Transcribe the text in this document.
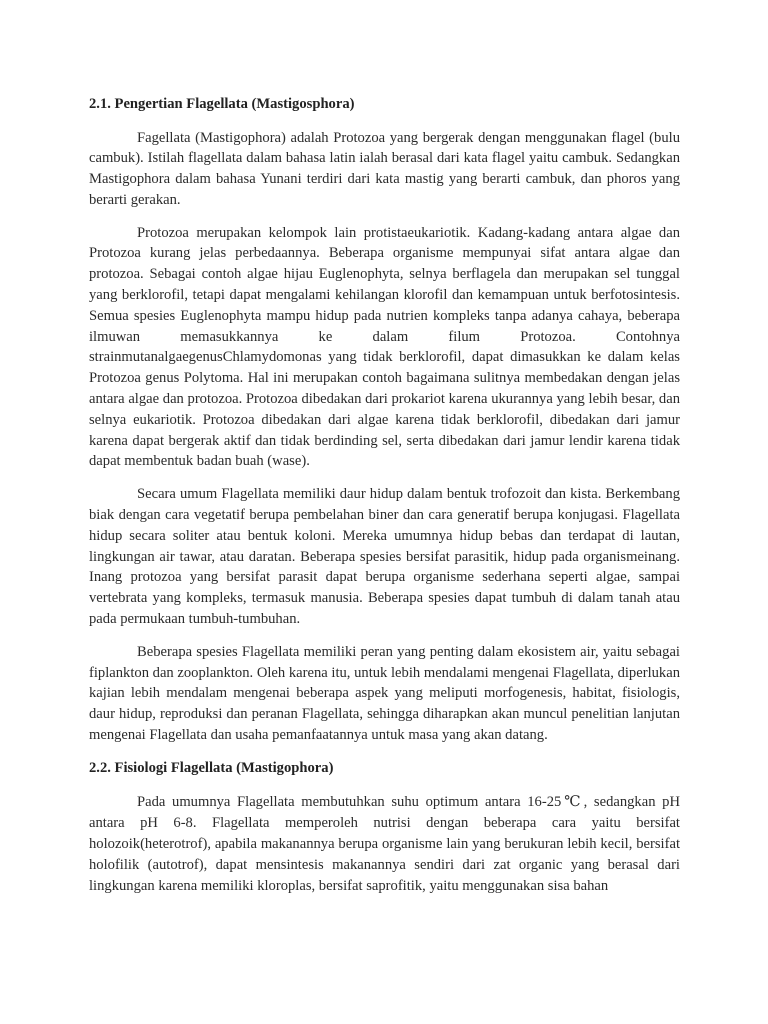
2.1. Pengertian Flagellata (Mastigosphora)

Fagellata (Mastigophora) adalah Protozoa yang bergerak dengan menggunakan flagel (bulu cambuk). Istilah flagellata dalam bahasa latin ialah berasal dari kata flagel yaitu cambuk. Sedangkan Mastigophora dalam bahasa Yunani terdiri dari kata mastig yang berarti cambuk, dan phoros yang berarti gerakan.

Protozoa merupakan kelompok lain protistaeukariotik. Kadang-kadang antara algae dan Protozoa kurang jelas perbedaannya. Beberapa organisme mempunyai sifat antara algae dan protozoa. Sebagai contoh algae hijau Euglenophyta, selnya berflagela dan merupakan sel tunggal yang berklorofil, tetapi dapat mengalami kehilangan klorofil dan kemampuan untuk berfotosintesis. Semua spesies Euglenophyta mampu hidup pada nutrien kompleks tanpa adanya cahaya, beberapa ilmuwan memasukkannya ke dalam filum Protozoa. Contohnya strainmutanalgaegenusChlamydomonas yang tidak berklorofil, dapat dimasukkan ke dalam kelas Protozoa genus Polytoma. Hal ini merupakan contoh bagaimana sulitnya membedakan dengan jelas antara algae dan protozoa. Protozoa dibedakan dari prokariot karena ukurannya yang lebih besar, dan selnya eukariotik. Protozoa dibedakan dari algae karena tidak berklorofil, dibedakan dari jamur karena dapat bergerak aktif dan tidak berdinding sel, serta dibedakan dari jamur lendir karena tidak dapat membentuk badan buah (wase).

Secara umum Flagellata memiliki daur hidup dalam bentuk trofozoit dan kista. Berkembang biak dengan cara vegetatif berupa pembelahan biner dan cara generatif berupa konjugasi. Flagellata hidup secara soliter atau bentuk koloni. Mereka umumnya hidup bebas dan terdapat di lautan, lingkungan air tawar, atau daratan. Beberapa spesies bersifat parasitik, hidup pada organismeinang. Inang protozoa yang bersifat parasit dapat berupa organisme sederhana seperti algae, sampai vertebrata yang kompleks, termasuk manusia. Beberapa spesies dapat tumbuh di dalam tanah atau pada permukaan tumbuh-tumbuhan.

Beberapa spesies Flagellata memiliki peran yang penting dalam ekosistem air, yaitu sebagai fiplankton dan zooplankton. Oleh karena itu, untuk lebih mendalami mengenai Flagellata, diperlukan kajian lebih mendalam mengenai beberapa aspek yang meliputi morfogenesis, habitat, fisiologis, daur hidup, reproduksi dan peranan Flagellata, sehingga diharapkan akan muncul penelitian lanjutan mengenai Flagellata dan usaha pemanfaatannya untuk masa yang akan datang.

2.2. Fisiologi Flagellata (Mastigophora)

Pada umumnya Flagellata membutuhkan suhu optimum antara 16-25℃, sedangkan pH antara pH 6-8. Flagellata memperoleh nutrisi dengan beberapa cara yaitu bersifat holozoik(heterotrof), apabila makanannya berupa organisme lain yang berukuran lebih kecil, bersifat holofilik (autotrof), dapat mensintesis makanannya sendiri dari zat organic yang berasal dari lingkungan karena memiliki kloroplas, bersifat saprofitik, yaitu menggunakan sisa bahan
